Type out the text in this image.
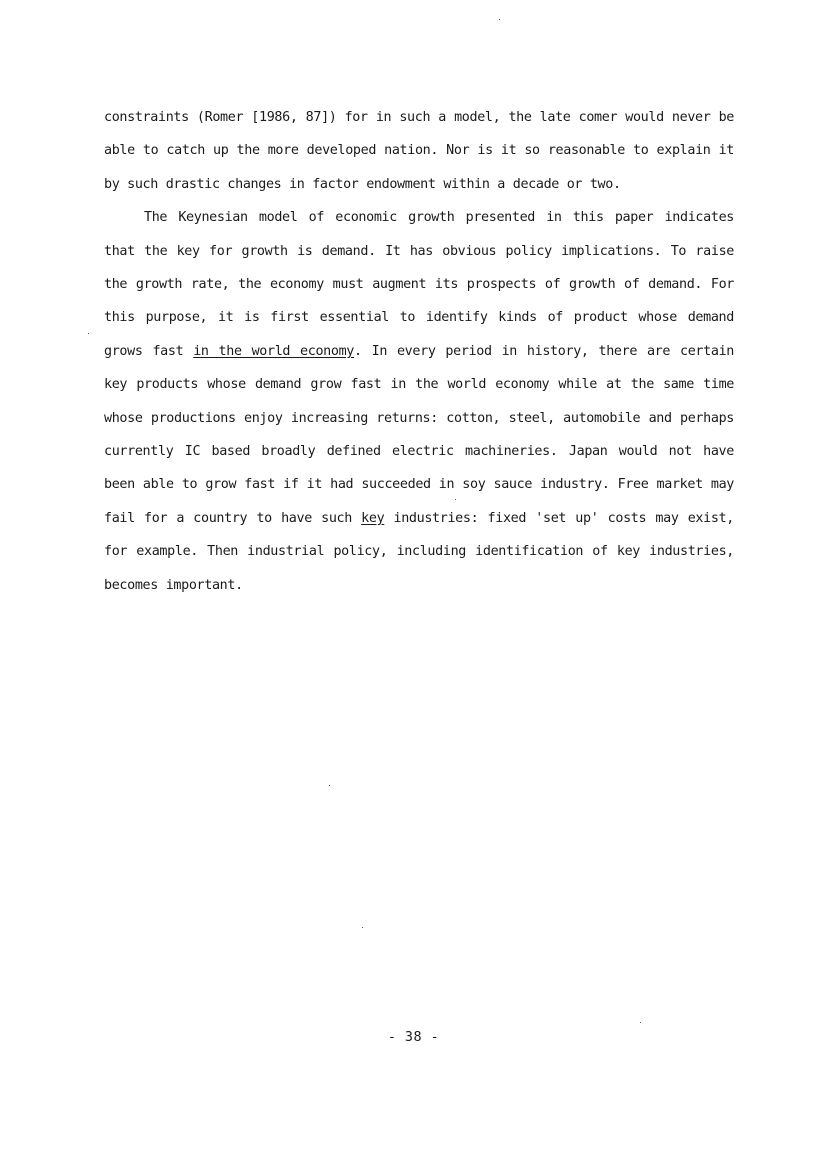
constraints (Romer [1986, 87]) for in such a model, the late comer would never be able to catch up the more developed nation. Nor is it so reasonable to explain it by such drastic changes in factor endowment within a decade or two.

The Keynesian model of economic growth presented in this paper indicates that the key for growth is demand. It has obvious policy implications. To raise the growth rate, the economy must augment its prospects of growth of demand. For this purpose, it is first essential to identify kinds of product whose demand grows fast in the world economy. In every period in history, there are certain key products whose demand grow fast in the world economy while at the same time whose productions enjoy increasing returns: cotton, steel, automobile and perhaps currently IC based broadly defined electric machineries. Japan would not have been able to grow fast if it had succeeded in soy sauce industry. Free market may fail for a country to have such key industries: fixed 'set up' costs may exist, for example. Then industrial policy, including identification of key industries, becomes important.

- 38 -
